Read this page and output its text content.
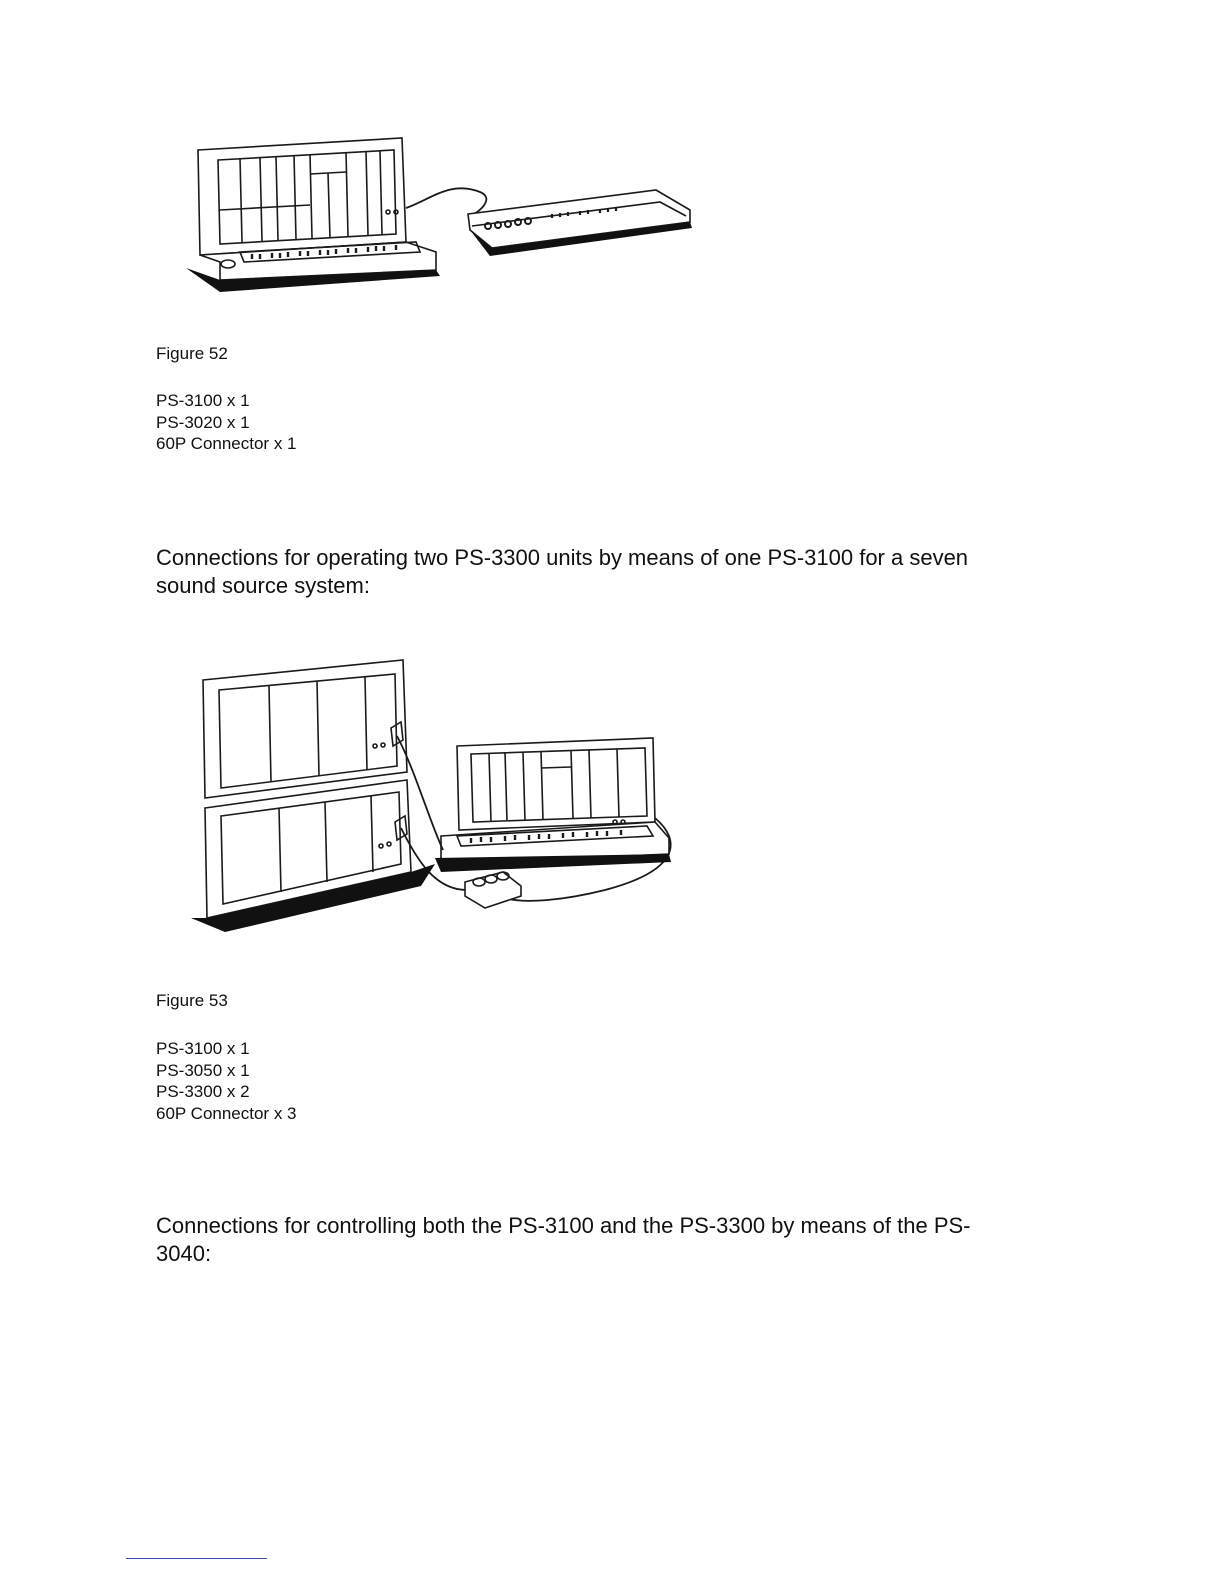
Figure 52
PS-3100 x 1
PS-3020 x 1
60P Connector x 1

Connections for operating two PS-3300 units by means of one PS-3100 for a seven sound source system:

Figure 53
PS-3100 x 1
PS-3050 x 1
PS-3300 x 2
60P Connector x 3

Connections for controlling both the PS-3100 and the PS-3300 by means of the PS-3040:
